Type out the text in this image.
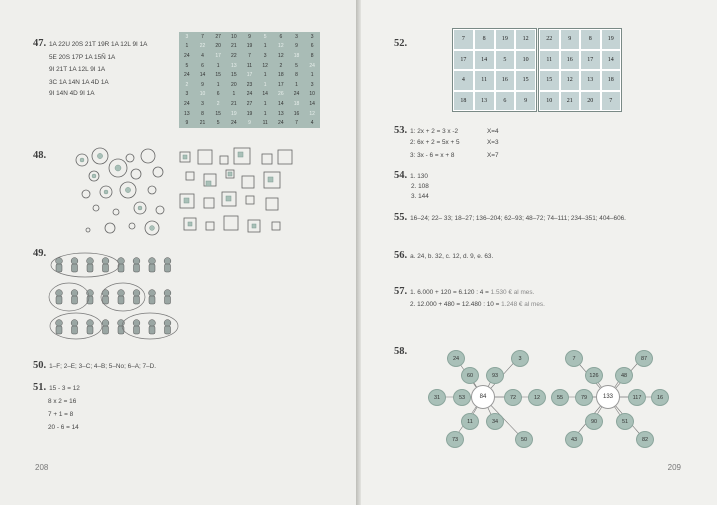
47. 1A 22U 20S 21T 19R 1A 12L 9I 1A
5E 20S 17P 1A 15Ñ 1A
9I 21T 1A 12L 9I 1A
3C 1A 14N 1A 4D 1A
9I 14N 4D 9I 1A
3	7	27	10	9	5	6	3	3
1	22	20	21	19	1	12	9	6
24	4	17	22	7	3	12	18	8
5	6	1	13	11	12	2	5	24
24	14	15	15	17	1	18	8	1
2	9	1	20	23	1	17	1	3
3	10	6	1	24	14	26	24	10
24	3	2	21	27	1	14	18	14
13	8	15	19	19	1	13	16	12
9	21	5	24	9	11	24	7	4
48.
49.
50. 1–F; 2–E; 3–C; 4–B; 5–No; 6–A; 7–D.
51. 15 - 3 = 12
8 x 2 = 16
7 + 1 = 8
20 - 6 = 14
208
52.	7	8	19	12
17	14	5	10
4	11	16	15
18	13	6	9
22	9	8	19
11	16	17	14
15	12	13	18
10	21	20	7
53. 1: 2x + 2 = 3 x -2
2: 6x + 2 = 5x + 5
3: 3x - 6 = x + 8
X=4
X=3
X=7
54. 1. 130
2. 108
3. 144
55. 16–24; 22– 33; 18–27; 136–204; 62–93; 48–72; 74–111; 234–351; 404–606.
56. a. 24, b. 32, c. 12, d. 9, e. 63.
57. 1. 6.000 + 120 = 6.120 : 4 = 1.530 € al mes.
2. 12.000 + 480 = 12.480 : 10 = 1.248 € al mes.
58.
84
24	3
60	93
31	53	72	12
11	34
73	50
133
7	87
126	48
55	79	117	16
90	51
43	82
209
